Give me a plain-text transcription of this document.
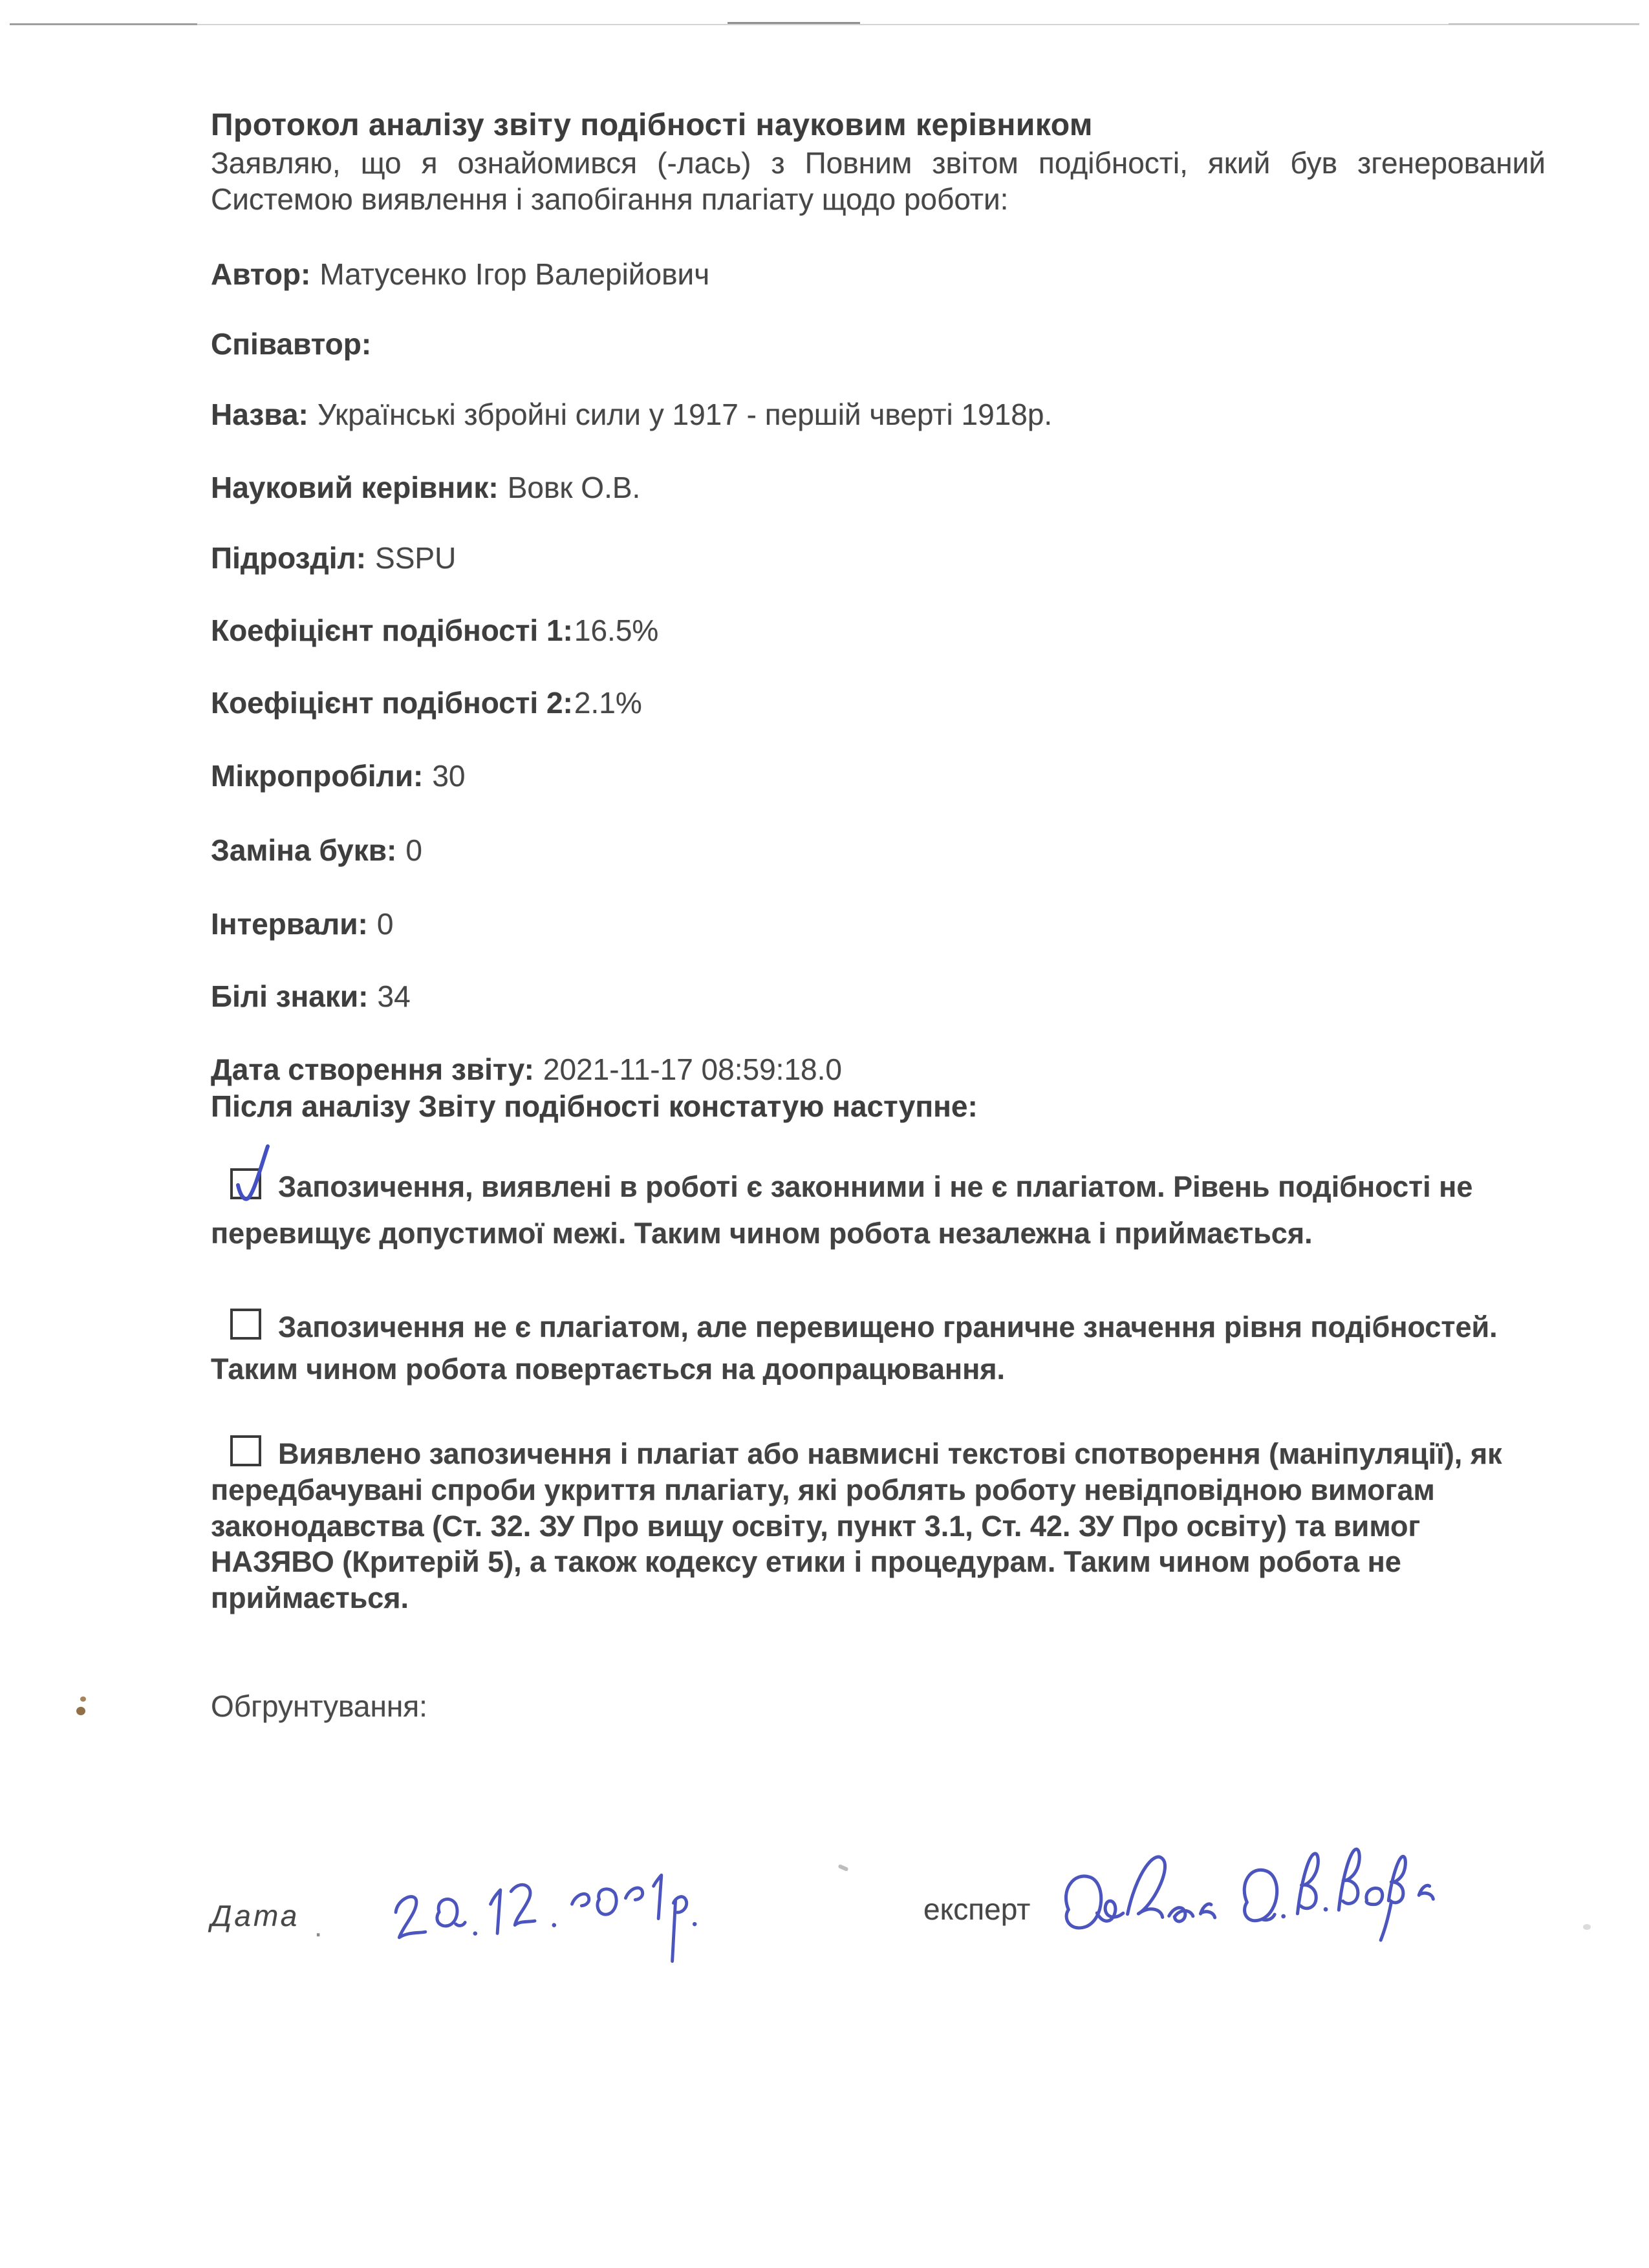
Протокол аналізу звіту подібності науковим керівником
Заявляю, що я ознайомився (-лась) з Повним звітом подібності, який був згенерований Системою виявлення і запобігання плагіату щодо роботи:
Автор: Матусенко Ігор Валерійович
Співавтор:
Назва: Українські збройні сили у 1917 - першій чверті 1918р.
Науковий керівник: Вовк О.В.
Підрозділ: SSPU
Коефіцієнт подібності 1:16.5%
Коефіцієнт подібності 2:2.1%
Мікропробіли: 30
Заміна букв: 0
Інтервали: 0
Білі знаки: 34
Дата створення звіту: 2021-11-17 08:59:18.0
Після аналізу Звіту подібності констатую наступне:
Запозичення, виявлені в роботі є законними і не є плагіатом. Рівень подібності не перевищує допустимої межі. Таким чином робота незалежна і приймається.
Запозичення не є плагіатом, але перевищено граничне значення рівня подібностей. Таким чином робота повертається на доопрацювання.
Виявлено запозичення і плагіат або навмисні текстові спотворення (маніпуляції), як передбачувані спроби укриття плагіату, які роблять роботу невідповідною вимогам законодавства (Ст. 32. ЗУ Про вищу освіту, пункт 3.1, Ст. 42. ЗУ Про освіту) та вимог НАЗЯВО (Критерій 5), а також кодексу етики і процедурам. Таким чином робота не приймається.
Обгрунтування:
Дата .
експерт
